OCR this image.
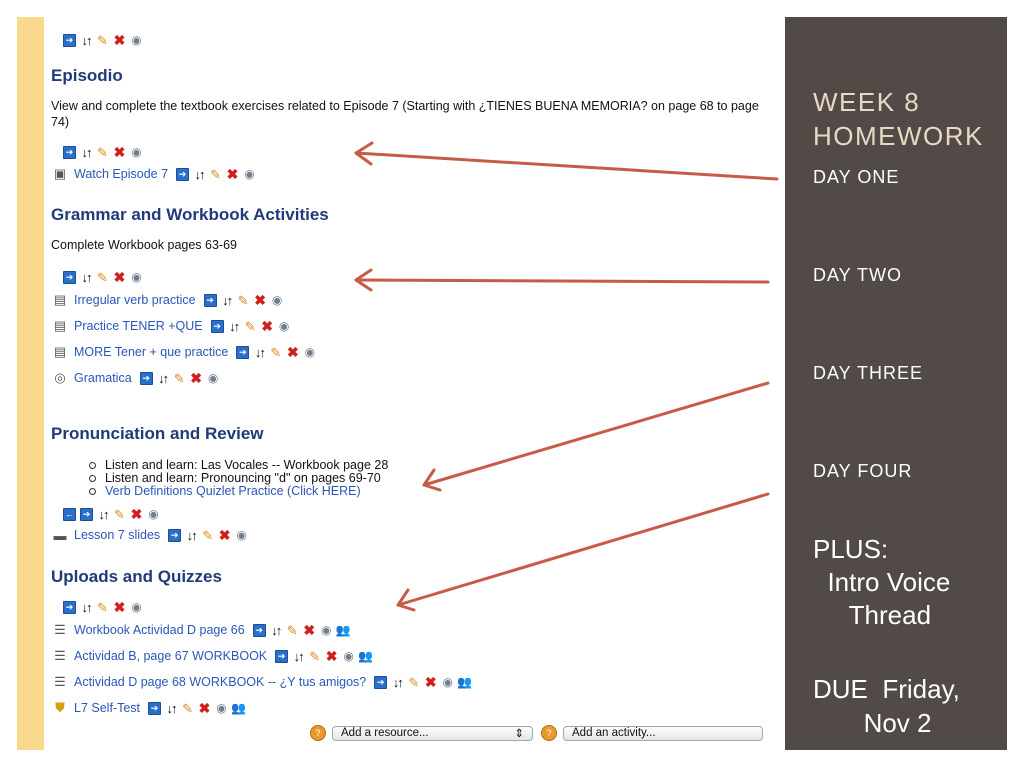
➔ ↓↑ ✎ ✖ ◉
Episodio
View and complete the textbook exercises related to Episode 7 (Starting with ¿TIENES BUENA MEMORIA? on page 68 to page 74)
➔ ↓↑ ✎ ✖ ◉
▣ Watch Episode 7	➔ ↓↑ ✎ ✖ ◉
Grammar and Workbook Activities
Complete Workbook pages 63-69
➔ ↓↑ ✎ ✖ ◉
▤ Irregular verb practice	➔ ↓↑ ✎ ✖ ◉
▤ Practice TENER +QUE	➔ ↓↑ ✎ ✖ ◉
▤ MORE Tener + que practice	➔ ↓↑ ✎ ✖ ◉
◎ Gramatica	➔ ↓↑ ✎ ✖ ◉
Pronunciation and Review
Listen and learn: Las Vocales -- Workbook page 28
Listen and learn: Pronouncing "d" on pages 69-70
Verb Definitions Quizlet Practice (Click HERE)
← ➔ ↓↑ ✎ ✖ ◉
▬ Lesson 7 slides	➔ ↓↑ ✎ ✖ ◉
Uploads and Quizzes
➔ ↓↑ ✎ ✖ ◉
☰ Workbook Actividad D page 66	➔ ↓↑ ✎ ✖ ◉ 👥
☰ Actividad B, page 67 WORKBOOK	➔ ↓↑ ✎ ✖ ◉ 👥
☰ Actividad D page 68 WORKBOOK -- ¿Y tus amigos?	➔ ↓↑ ✎ ✖ ◉ 👥
⛊ L7 Self-Test	➔ ↓↑ ✎ ✖ ◉ 👥
?	Add a resource...	⇕	?	Add an activity...
WEEK 8
HOMEWORK
DAY ONE
DAY TWO
DAY THREE
DAY FOUR
PLUS:
Intro Voice
Thread
DUE  Friday,
Nov 2
